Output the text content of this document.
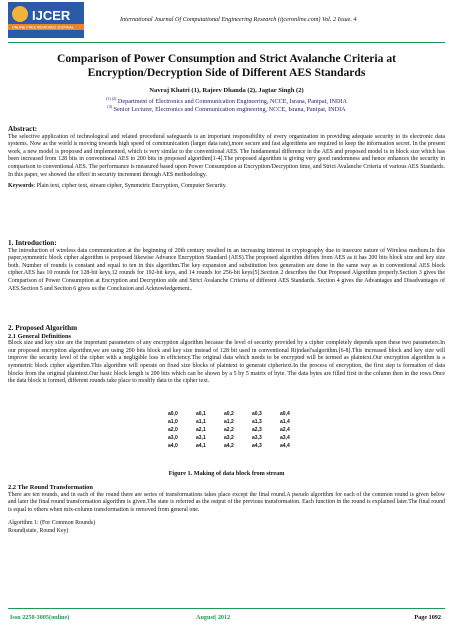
IJCER
ONLINE FREE REVIEWED JOURNAL
International Journal Of Computational Engineering Research (ijceronline.com) Vol. 2 Issue. 4
Comparison of Power Consumption and Strict Avalanche Criteria at
Encryption/Decryption Side of Different AES Standards
Navraj Khatri (1), Rajeev Dhanda (2), Jagtar Singh (2)
$^{(1) (2)}$ Department of Electronics and Communication Engineering, NCCE, Israna, Panipat, INDIA
$^{(3)}$ Senior Lecturer, Electronics and Communication engineering, NCCE, Israna, Panipat, INDIA
Abstract:
The selective application of technological and related procedural safeguards is an important responsibility of every organization in providing adequate security to its electronic data systems. Now as the world is moving towards high speed of communication (larger data rate),more secure and fast algorithms are required to keep the information secret. In the present work, a new model is proposed and implemented, which is very similar to the conventional AES. The fundamental difference in the AES and proposed model is in block size which has been increased from 128 bits in conventional AES to 200 bits in proposed algorithm[1-4].The proposed algorithm is giving very good randomness and hence enhances the security in comparison to conventional AES. The performance is measured based upon Power Consumption at Encryption/Decryption time, and Strict Avalanche Criteria of various AES Standards. In this paper, we showed the effect in security increment through AES methodology.
Keywords: Plain text, cipher text, stream cipher, Symmetric Encryption, Computer Security.
1. Introduction:
The introduction of wireless data communication at the beginning of 20th century resulted in an increasing interest in cryptography due to insecure nature of Wireless medium.In this paper,symmetric block cipher algorithm is proposed likewise Advance Encryption Standard (AES).The proposed algorithm differs from AES as it has 200 bits block size and key size both. Number of rounds is constant and equal to ten in this algorithm.The key expansion and substitution box generation are done in the same way as in conventional AES block cipher.AES has 10 rounds for 128-bit keys,12 rounds for 192-bit keys, and 14 rounds for 256-bit keys[5].Section 2 describes the Our Proposed Algorithm properly.Section 3 gives the Comparison of Power Consumption at Encryption and Decryption side and Strict Avalanche Criteria of different AES Standards. Section 4 gives the Advantages and Disadvantages of AES.Section 5 and Section 6 gives us the Conclusion and Acknowledgement..
2. Proposed Algorithm
2.1 General Definitions
Block size and key size are the important parameters of any encryption algorithm because the level of security provided by a cipher completely depends upon these two parameters.In our proposed encryption algorithm,we are using 200 bits block and key size instead of 128 bit used in conventional Rijndael'salgorithm.[6-8].This increased block and key size will improve the security level of the cipher with a negligible loss in efficiency.The original data which needs to be encrypted will be termed as plaintext.Our encryption algorithm is a symmetric block cipher algorithm.This algorithm will operate on fixed size blocks of plaintext to generate ciphertext.In the process of encryption, the first step is formation of data blocks from the original plaintext.Our basic block length is 200 bits which can be shown by a 5 by 5 matrix of byte. The data bytes are filled first in the column then in the rows.Once the data block is formed, different rounds take place to modify data to the cipher text.
a0,0	a0,1	a0,2	a0,3	a0,4
a1,0	a1,1	a1,2	a1,3	a1,4
a2,0	a2,1	a2,2	a2,3	a2,4
a3,0	a3,1	a3,2	a3,3	a3,4
a4,0	a4,1	a4,2	a4,3	a4,4
Figure 1. Making of data block from stream
2.2 The Round Transformation
There are ten rounds, and in each of the round there are series of transformations takes place except the final round.A pseudo algorithm for each of the common round is given below and later the final round transformation algorithm is given.The state is referred as the output of the previous transformation. Each function in the round is explained later.The final round is equal to others when mix-column transformation is removed from general one.
Algorithm 1: (For Common Rounds)
Round(state, Round Key)
Issn 2250-3005(online)	August| 2012	Page 1092
